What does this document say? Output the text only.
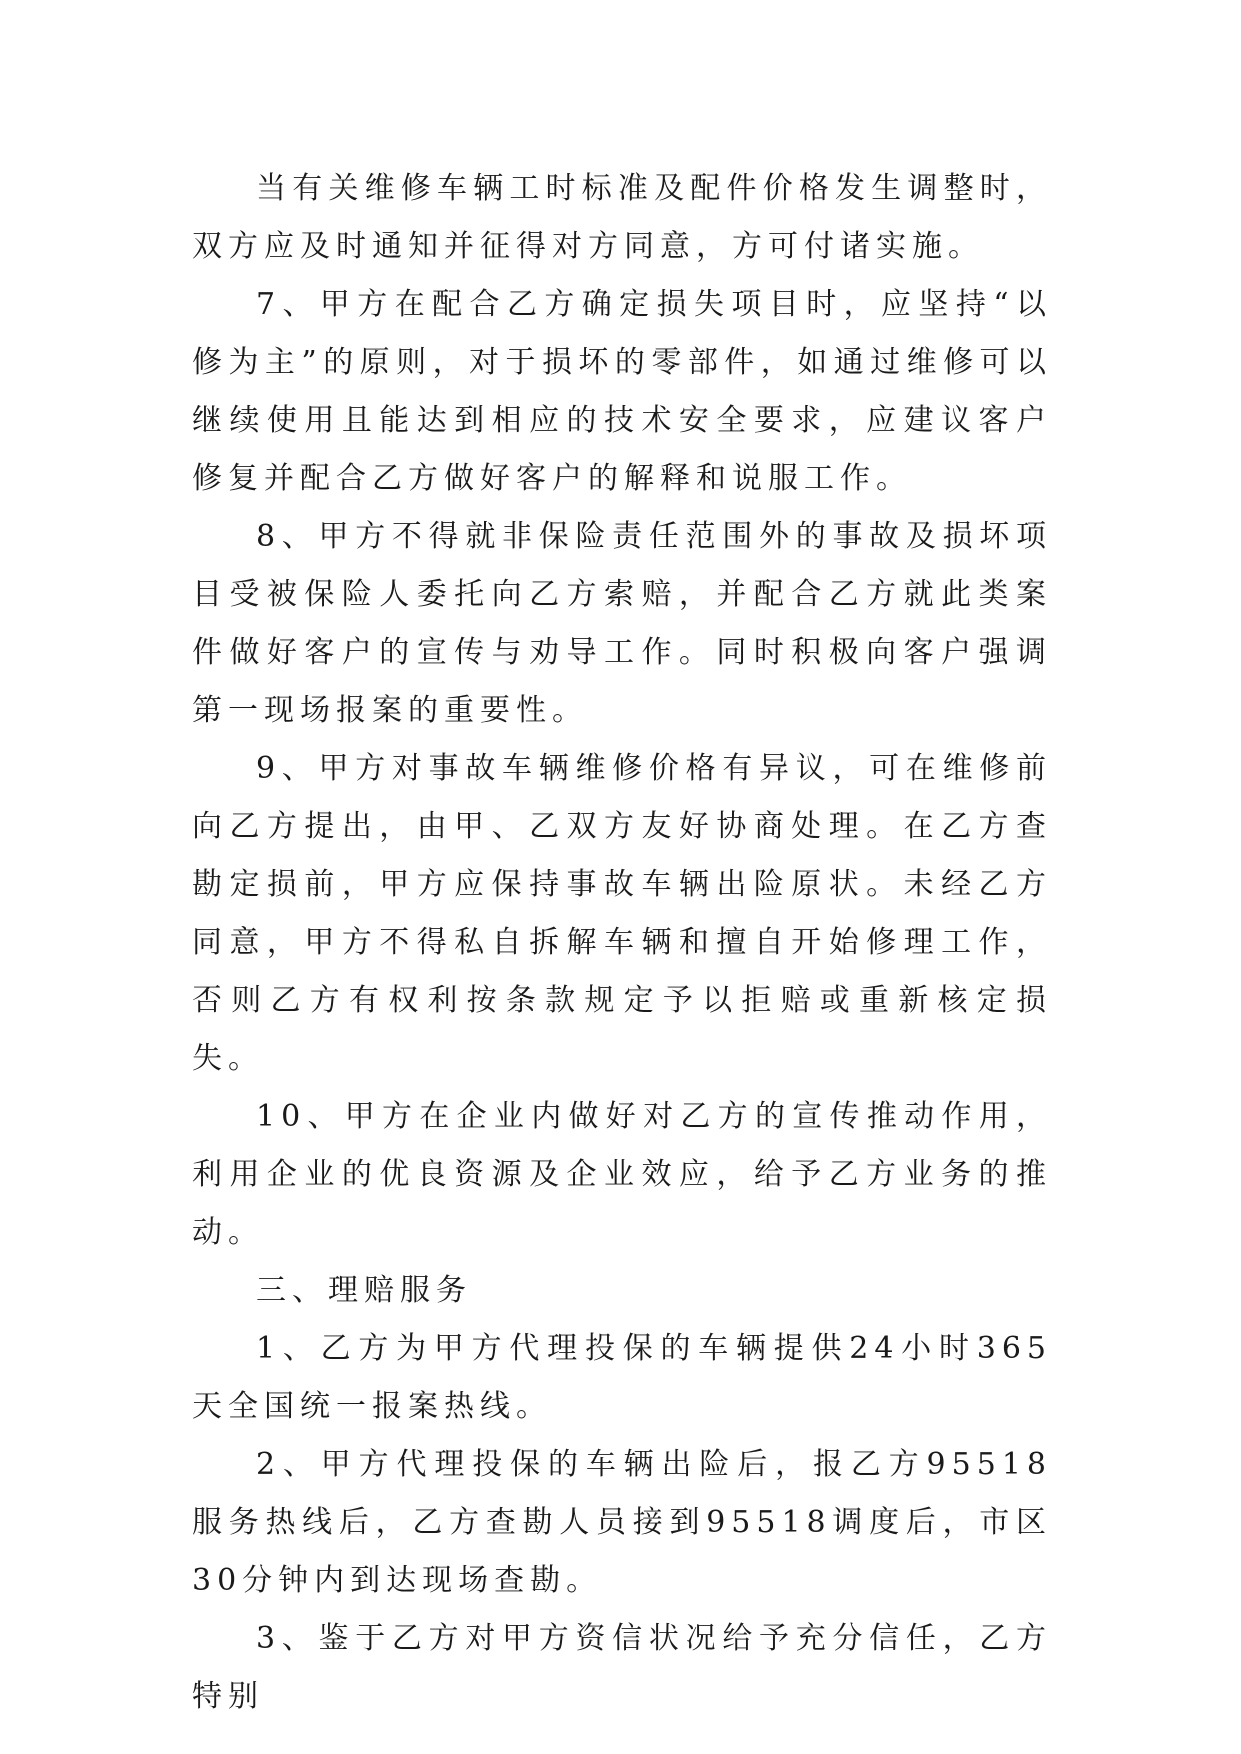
当有关维修车辆工时标准及配件价格发生调整时，双方应及时通知并征得对方同意，方可付诸实施。

7、甲方在配合乙方确定损失项目时，应坚持“以修为主”的原则，对于损坏的零部件，如通过维修可以继续使用且能达到相应的技术安全要求，应建议客户修复并配合乙方做好客户的解释和说服工作。

8、甲方不得就非保险责任范围外的事故及损坏项目受被保险人委托向乙方索赔，并配合乙方就此类案件做好客户的宣传与劝导工作。同时积极向客户强调第一现场报案的重要性。

9、甲方对事故车辆维修价格有异议，可在维修前向乙方提出，由甲、乙双方友好协商处理。在乙方查勘定损前，甲方应保持事故车辆出险原状。未经乙方同意，甲方不得私自拆解车辆和擅自开始修理工作，否则乙方有权利按条款规定予以拒赔或重新核定损失。

10、甲方在企业内做好对乙方的宣传推动作用，利用企业的优良资源及企业效应，给予乙方业务的推动。

三、理赔服务

1、乙方为甲方代理投保的车辆提供24小时365天全国统一报案热线。

2、甲方代理投保的车辆出险后，报乙方95518服务热线后，乙方查勘人员接到95518调度后，市区30分钟内到达现场查勘。

3、鉴于乙方对甲方资信状况给予充分信任，乙方特别
